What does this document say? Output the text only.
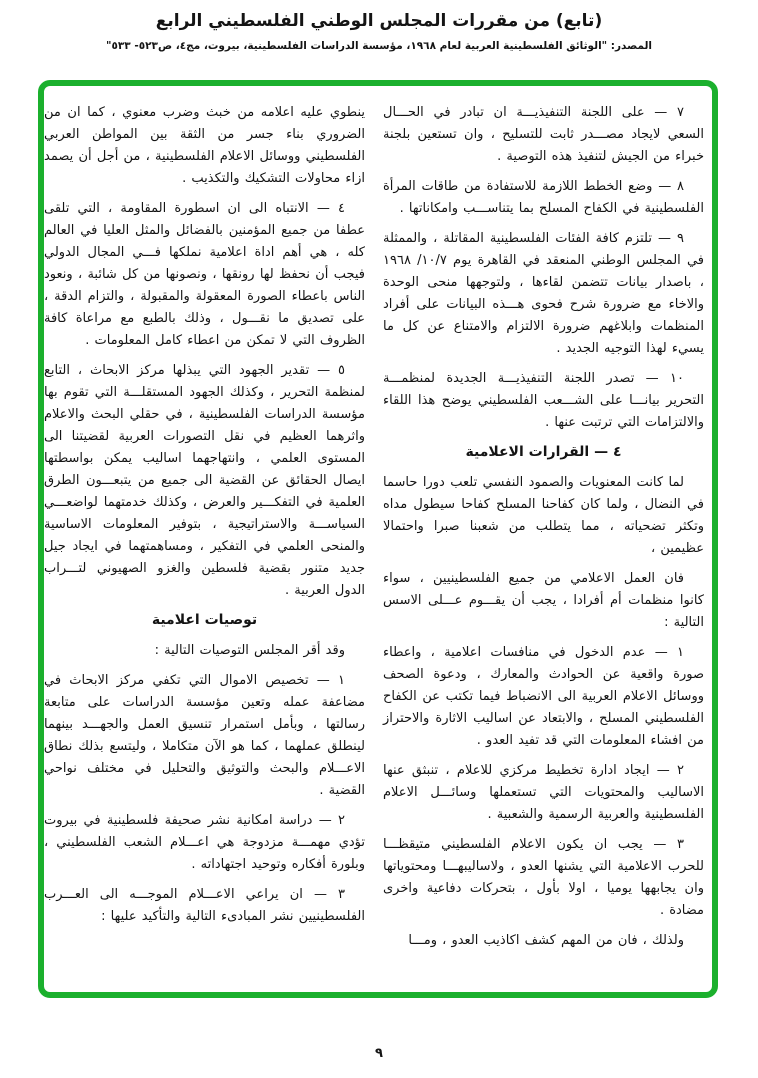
(تابع) من مقررات المجلس الوطني الفلسطيني الرابع
المصدر: "الوثائق الفلسطينية العربية لعام ١٩٦٨، مؤسسة الدراسات الفلسطينية، بيروت، مج٤، ص٥٢٣- ٥٣٣"

٧ — على اللجنة التنفيذيـــة ان تبادر في الحـــال السعي لايجاد مصـــدر ثابت للتسليح ، وان تستعين بلجنة خبراء من الجيش لتنفيذ هذه التوصية .

٨ — وضع الخطط اللازمة للاستفادة من طاقات المرأة الفلسطينية في الكفاح المسلح بما يتناســـب وامكاناتها .

٩ — تلتزم كافة الفئات الفلسطينية المقاتلة ، والممثلة في المجلس الوطني المنعقد في القاهرة يوم ١٠/٧/ ١٩٦٨ ، باصدار بيانات تتضمن لقاءها ، ولتوجهها منحى الوحدة والاخاء مع ضرورة شرح فحوى هـــذه البيانات على أفراد المنظمات وابلاغهم ضرورة الالتزام والامتناع عن كل ما يسيء لهذا التوجيه الجديد .

١٠ — تصدر اللجنة التنفيذيـــة الجديدة لمنظمـــة التحرير بيانـــا على الشـــعب الفلسطيني يوضح هذا اللقاء والالتزامات التي ترتبت عنها .

٤ — القرارات الاعلامية

لما كانت المعنويات والصمود النفسي تلعب دورا حاسما في النضال ، ولما كان كفاحنا المسلح كفاحا سيطول مداه وتكثر تضحياته ، مما يتطلب من شعبنا صبرا واحتمالا عظيمين ،

فان العمل الاعلامي من جميع الفلسطينيين ، سواء كانوا منظمات أم أفرادا ، يجب أن يقـــوم عـــلى الاسس التالية :

١ — عدم الدخول في منافسات اعلامية ، واعطاء صورة واقعية عن الحوادث والمعارك ، ودعوة الصحف ووسائل الاعلام العربية الى الانضباط فيما تكتب عن الكفاح الفلسطيني المسلح ، والابتعاد عن اساليب الاثارة والاحتراز من افشاء المعلومات التي قد تفيد العدو .

٢ — ايجاد ادارة تخطيط مركزي للاعلام ، تنبثق عنها الاساليب والمحتويات التي تستعملها وسائـــل الاعلام الفلسطينية والعربية الرسمية والشعبية .

٣ — يجب ان يكون الاعلام الفلسطيني متيقظـــا للحرب الاعلامية التي يشنها العدو ، ولاساليبهـــا ومحتوياتها وان يجابهها يوميا ، اولا بأول ، بتحركات دفاعية واخرى مضادة .

ولذلك ، فان من المهم كشف اكاذيب العدو ، ومـــا

ينطوي عليه اعلامه من خبث وضرب معنوي ، كما ان من الضروري بناء جسر من الثقة بين المواطن العربي الفلسطيني ووسائل الاعلام الفلسطينية ، من أجل أن يصمد ازاء محاولات التشكيك والتكذيب .

٤ — الانتباه الى ان اسطورة المقاومة ، التي تلقى عطفا من جميع المؤمنين بالفضائل والمثل العليا في العالم كله ، هي أهم اداة اعلامية نملكها فـــي المجال الدولي فيجب أن نحفظ لها رونقها ، ونصونها من كل شائبة ، ونعود الناس باعطاء الصورة المعقولة والمقبولة ، والتزام الدقة ، على تصديق ما نقـــول ، وذلك بالطبع مع مراعاة كافة الظروف التي لا تمكن من اعطاء كامل المعلومات .

٥ — تقدير الجهود التي يبذلها مركز الابحاث ، التابع لمنظمة التحرير ، وكذلك الجهود المستقلـــة التي تقوم بها مؤسسة الدراسات الفلسطينية ، في حقلي البحث والاعلام واثرهما العظيم في نقل التصورات العربية لقضيتنا الى المستوى العلمي ، وانتهاجهما اساليب يمكن بواسطتها ايصال الحقائق عن القضية الى جميع من يتبعـــون الطرق العلمية في التفكـــير والعرض ، وكذلك خدمتهما لواضعـــي السياســـة والاستراتيجية ، بتوفير المعلومات الاساسية والمنحى العلمي في التفكير ، ومساهمتهما في ايجاد جيل جديد متنور بقضية فلسطين والغزو الصهيوني لتـــراب الدول العربية .

توصيات اعلامية

وقد أقر المجلس التوصيات التالية :

١ — تخصيص الاموال التي تكفي مركز الابحاث في مضاعفة عمله وتعين مؤسسة الدراسات على متابعة رسالتها ، وبأمل استمرار تنسيق العمل والجهـــد بينهما لينطلق عملهما ، كما هو الآن متكاملا ، وليتسع بذلك نطاق الاعـــلام والبحث والتوثيق والتحليل في مختلف نواحي القضية .

٢ — دراسة امكانية نشر صحيفة فلسطينية في بيروت تؤدي مهمـــة مزدوجة هي اعـــلام الشعب الفلسطيني ، وبلورة أفكاره وتوحيد اجتهاداته .

٣ — ان يراعي الاعـــلام الموجـــه الى العـــرب الفلسطينيين نشر المبادىء التالية والتأكيد عليها :

٩
